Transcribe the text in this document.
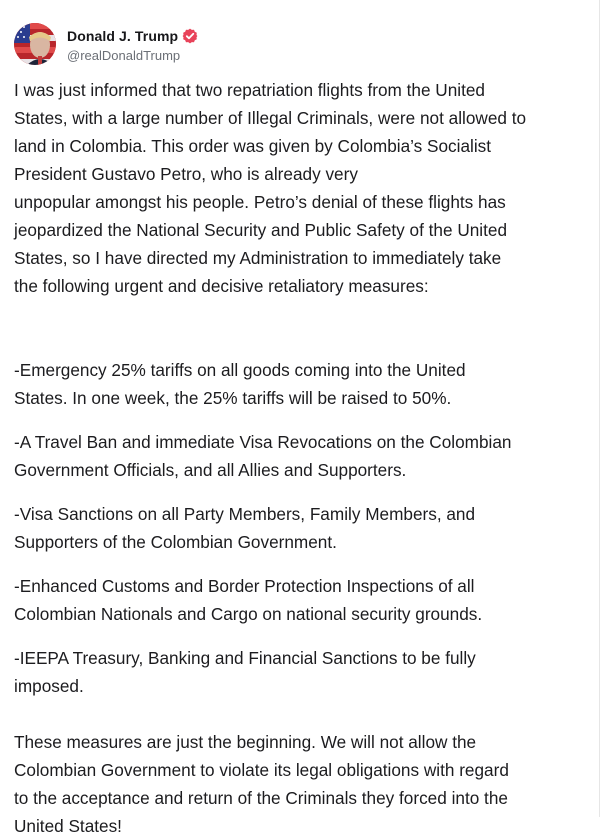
Donald J. Trump
@realDonaldTrump

I was just informed that two repatriation flights from the United
States, with a large number of Illegal Criminals, were not allowed to
land in Colombia. This order was given by Colombia’s Socialist
President Gustavo Petro, who is already very
unpopular amongst his people. Petro’s denial of these flights has
jeopardized the National Security and Public Safety of the United
States, so I have directed my Administration to immediately take
the following urgent and decisive retaliatory measures:

-Emergency 25% tariffs on all goods coming into the United
States. In one week, the 25% tariffs will be raised to 50%.

-A Travel Ban and immediate Visa Revocations on the Colombian
Government Officials, and all Allies and Supporters.

-Visa Sanctions on all Party Members, Family Members, and
Supporters of the Colombian Government.

-Enhanced Customs and Border Protection Inspections of all
Colombian Nationals and Cargo on national security grounds.

-IEEPA Treasury, Banking and Financial Sanctions to be fully
imposed.

These measures are just the beginning. We will not allow the
Colombian Government to violate its legal obligations with regard
to the acceptance and return of the Criminals they forced into the
United States!
